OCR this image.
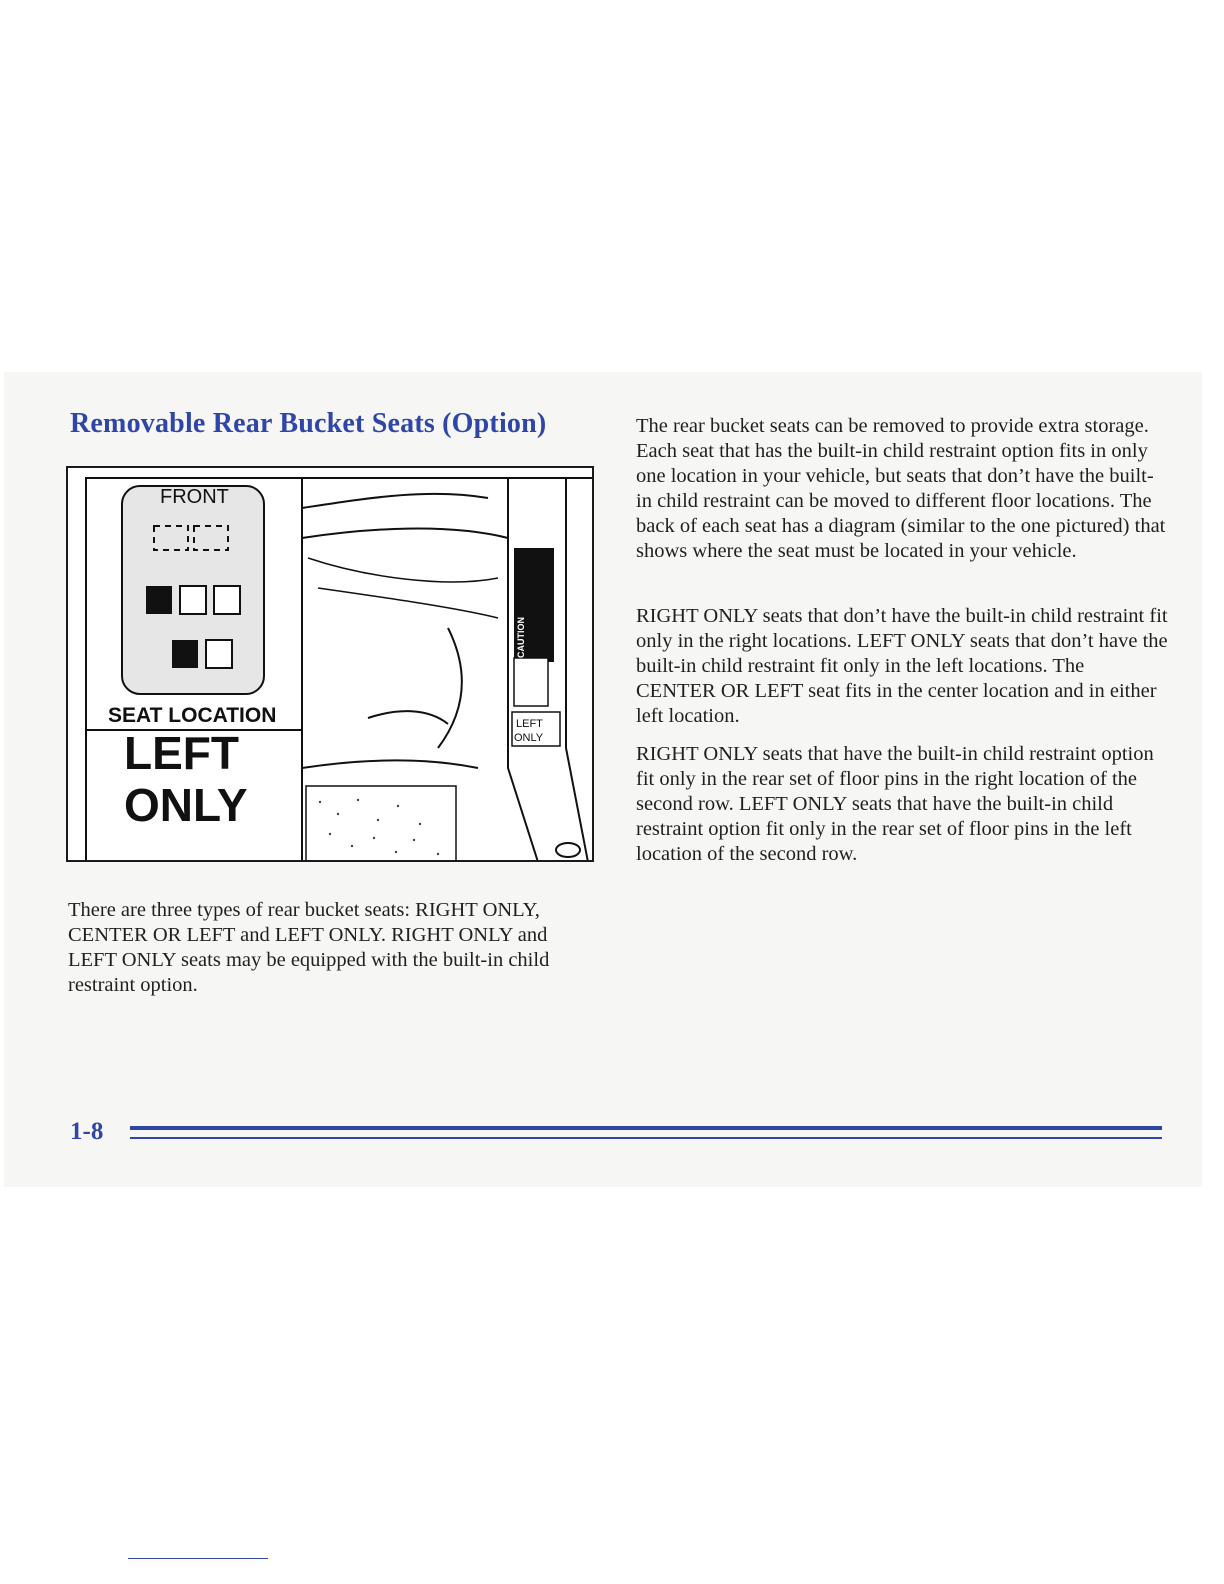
Removable Rear Bucket Seats (Option)
FRONT
SEAT LOCATION
LEFT
ONLY
CAUTION
LEFT
ONLY

There are three types of rear bucket seats: RIGHT ONLY, CENTER OR LEFT and LEFT ONLY. RIGHT ONLY and LEFT ONLY seats may be equipped with the built-in child restraint option.

The rear bucket seats can be removed to provide extra storage. Each seat that has the built-in child restraint option fits in only one location in your vehicle, but seats that don’t have the built-in child restraint can be moved to different floor locations. The back of each seat has a diagram (similar to the one pictured) that shows where the seat must be located in your vehicle.

RIGHT ONLY seats that don’t have the built-in child restraint fit only in the right locations. LEFT ONLY seats that don’t have the built-in child restraint fit only in the left locations. The CENTER OR LEFT seat fits in the center location and in either left location.

RIGHT ONLY seats that have the built-in child restraint option fit only in the rear set of floor pins in the right location of the second row. LEFT ONLY seats that have the built-in child restraint option fit only in the rear set of floor pins in the left location of the second row.

1-8
